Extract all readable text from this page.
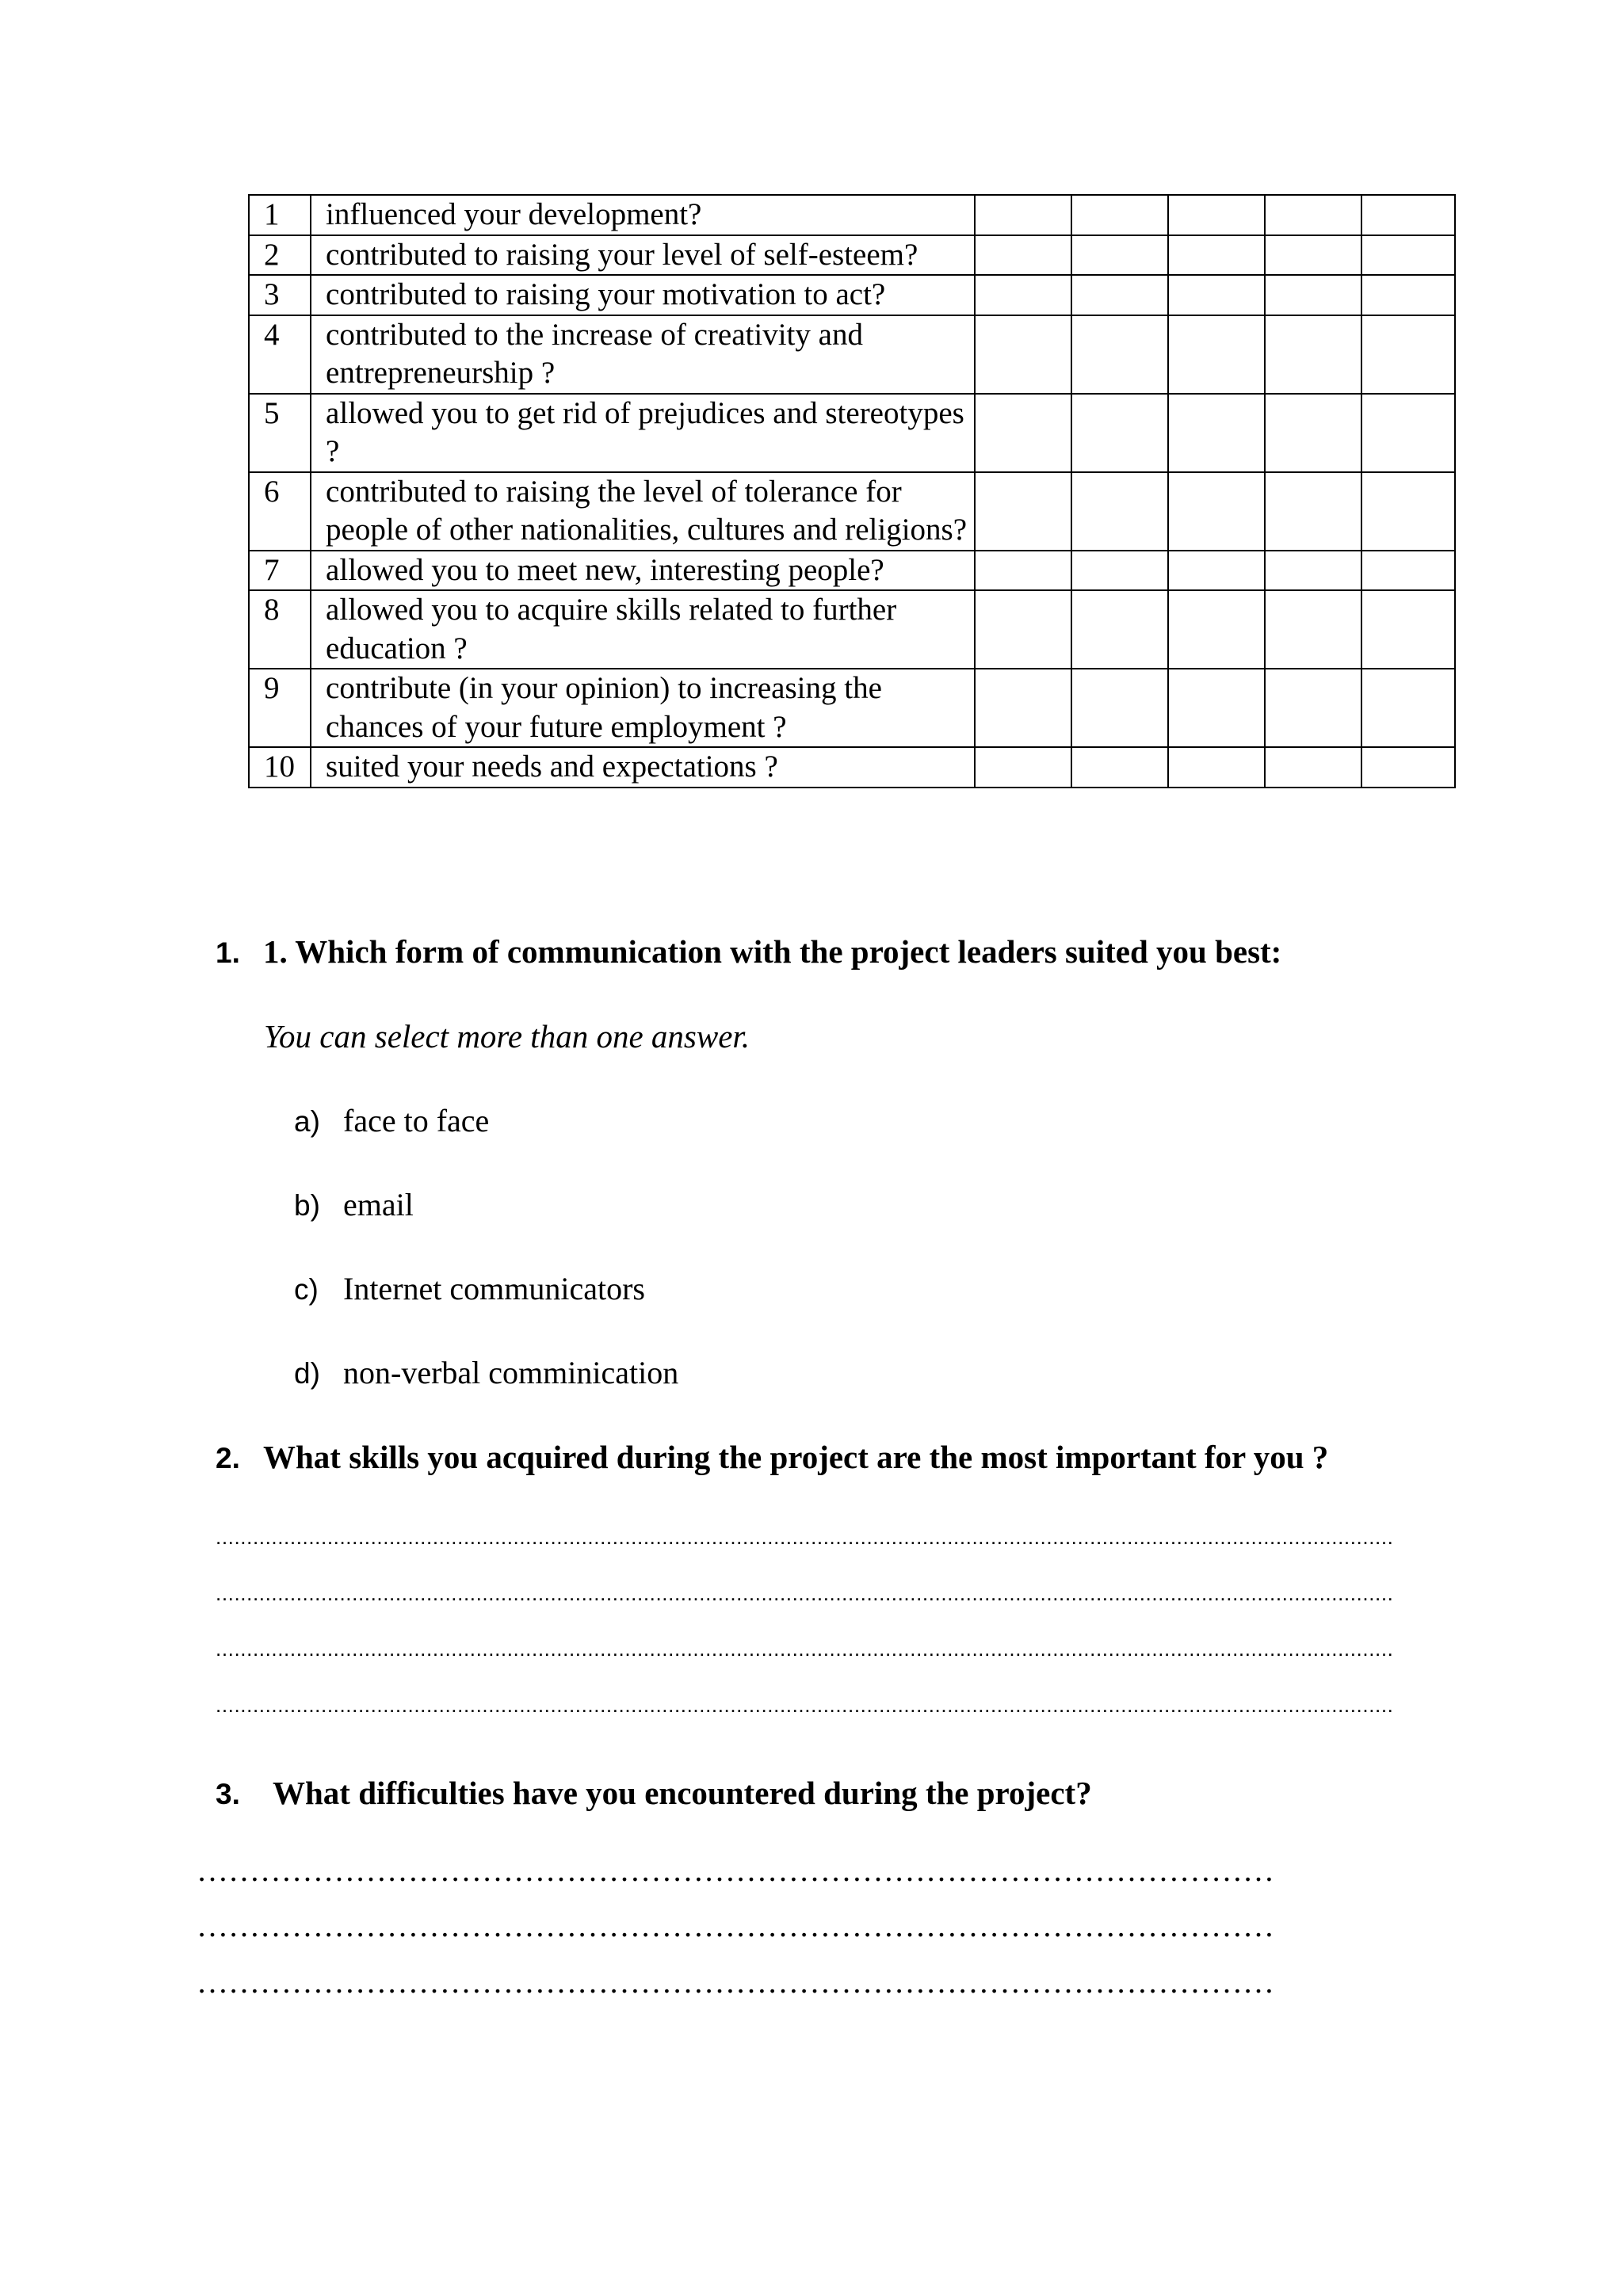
1	influenced your development?					
2	contributed to raising your level of self-esteem?					
3	contributed to raising your motivation to act?					
4	contributed to the increase of creativity and entrepreneurship ?					
5	allowed you to get rid of prejudices and stereotypes ?					
6	contributed to raising the level of tolerance for people of other nationalities, cultures and religions?					
7	allowed you to meet new, interesting people?					
8	allowed you to acquire skills related to further education ?					
9	contribute (in your opinion) to increasing the chances of your future employment ?					
10	suited your needs and expectations ?					
1. 1. Which form of communication with the project leaders suited you best:
You can select more than one answer.
a) face to face
b) email
c) Internet communicators
d) non-verbal comminication
2. What skills you acquired during the project are the most important for you ?
..............................................................................................................................................................................................
..............................................................................................................................................................................................
..............................................................................................................................................................................................
..............................................................................................................................................................................................
3. What difficulties have you encountered during the project?
…………………………………………………………………………………………
…………………………………………………………………………………………
…………………………………………………………………………………………
